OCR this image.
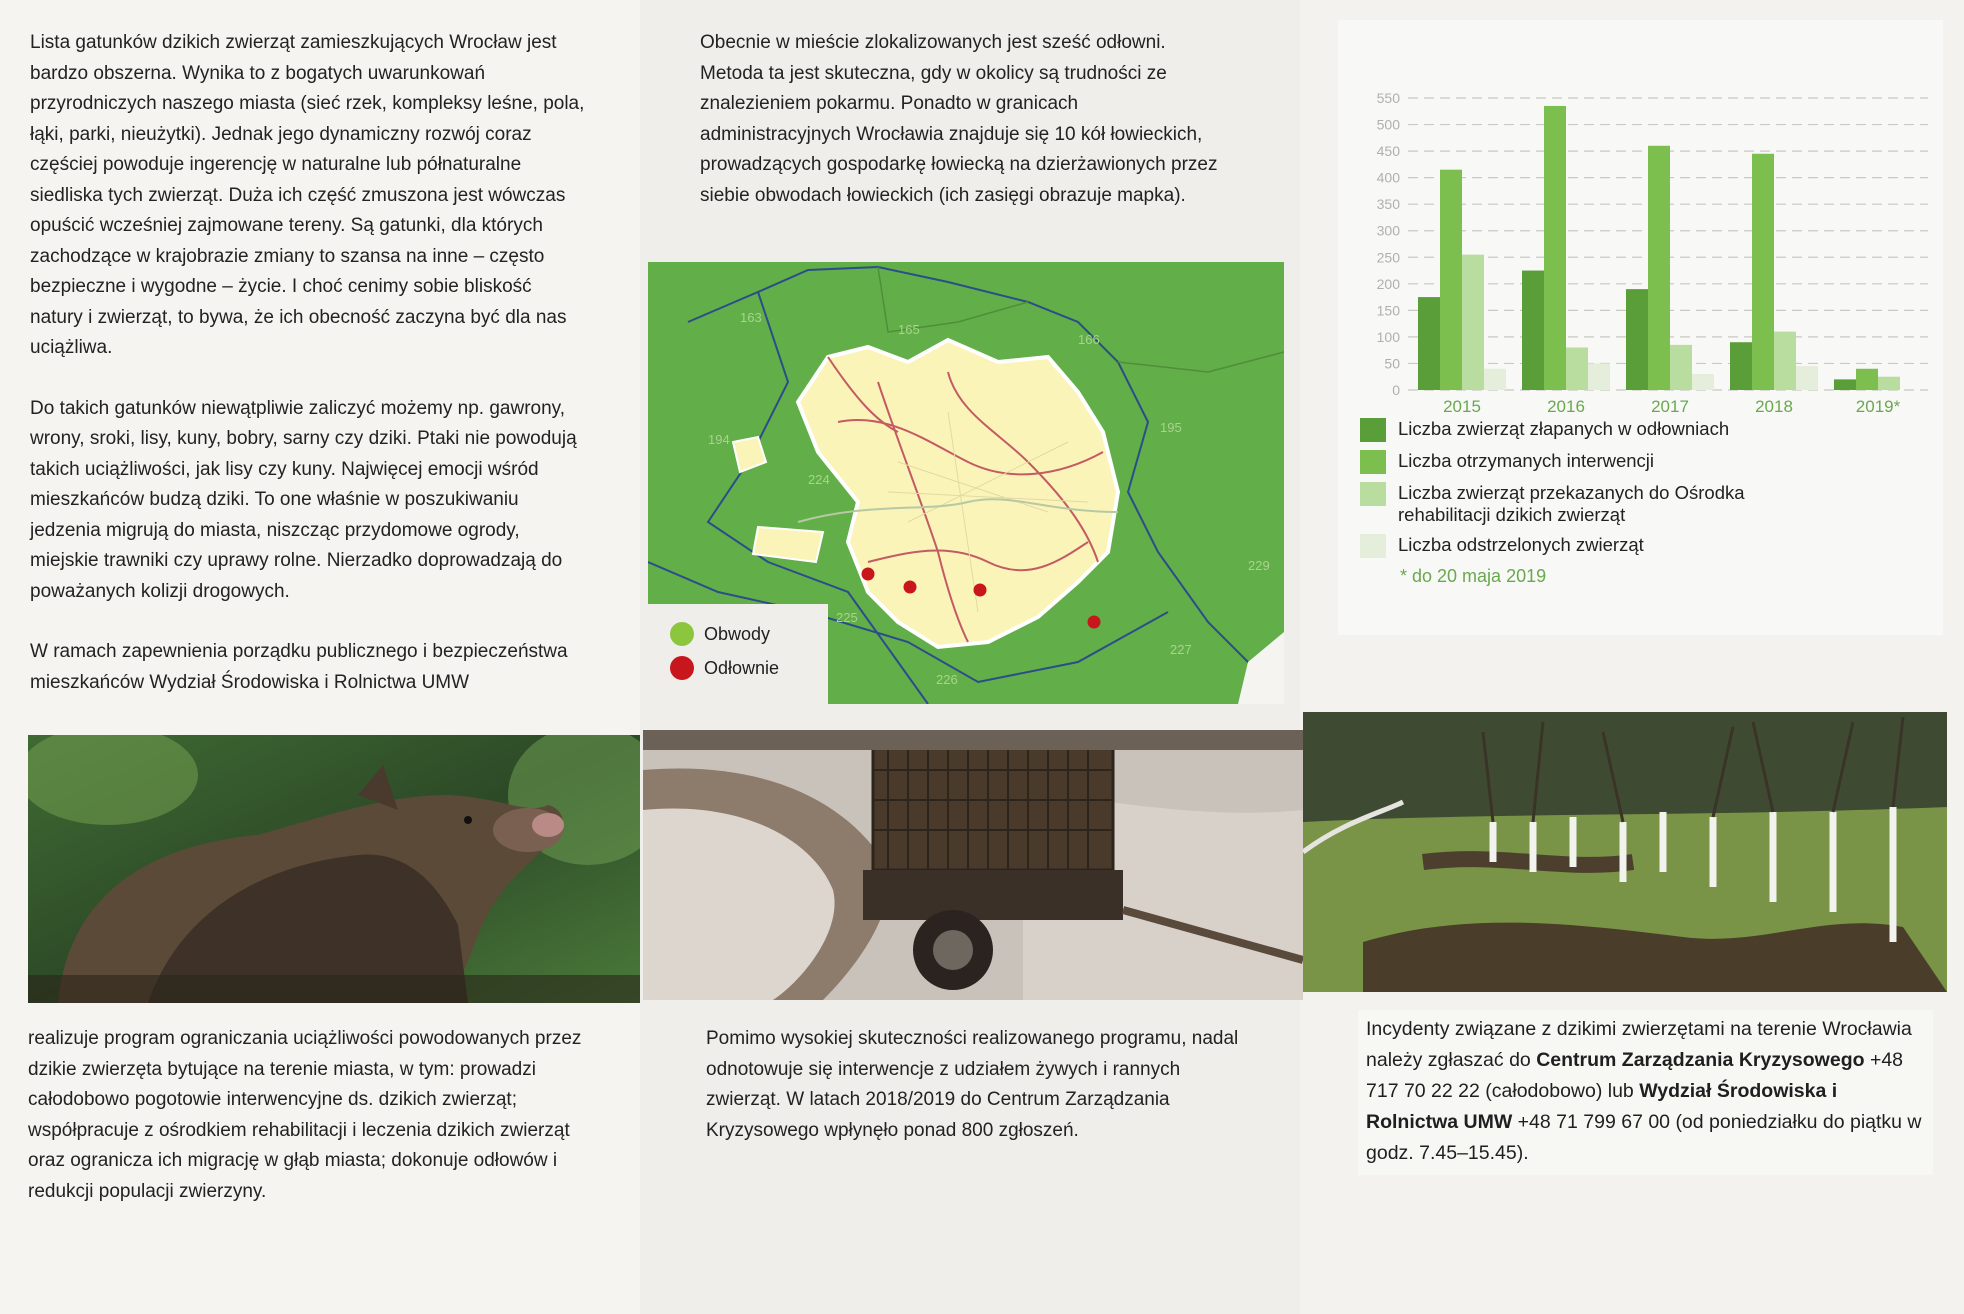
Lista gatunków dzikich zwierząt zamieszkujących Wrocław jest bardzo obszerna. Wynika to z bogatych uwarunkowań przyrodniczych naszego miasta (sieć rzek, kompleksy leśne, pola, łąki, parki, nieużytki). Jednak jego dynamiczny rozwój coraz częściej powoduje ingerencję w naturalne lub półnaturalne siedliska tych zwierząt. Duża ich część zmuszona jest wówczas opuścić wcześniej zajmowane tereny. Są gatunki, dla których zachodzące w krajobrazie zmiany to szansa na inne – często bezpieczne i wygodne – życie. I choć cenimy sobie bliskość natury i zwierząt, to bywa, że ich obecność zaczyna być dla nas uciążliwa.

Do takich gatunków niewątpliwie zaliczyć możemy np. gawrony, wrony, sroki, lisy, kuny, bobry, sarny czy dziki. Ptaki nie powodują takich uciążliwości, jak lisy czy kuny. Najwięcej emocji wśród mieszkańców budzą dziki. To one właśnie w poszukiwaniu jedzenia migrują do miasta, niszcząc przydomowe ogrody, miejskie trawniki czy uprawy rolne. Nierzadko doprowadzają do poważanych kolizji drogowych.

W ramach zapewnienia porządku publicznego i bezpieczeństwa mieszkańców Wydział Środowiska i Rolnictwa UMW

Obecnie w mieście zlokalizowanych jest sześć odłowni. Metoda ta jest skuteczna, gdy w okolicy są trudności ze znalezieniem pokarmu. Ponadto w granicach administracyjnych Wrocławia znajduje się 10 kół łowieckich, prowadzących gospodarkę łowiecką na dzierżawionych przez siebie obwodach łowieckich (ich zasięgi obrazuje mapka).

163
165
166
194
224
195
229
225
226
227
Obwody
Odłownie
0
50
100
150
200
250
300
350
400
450
500
550
2015	2016	2017	2018	2019*
Liczba zwierząt złapanych w odłowniach
Liczba otrzymanych interwencji
Liczba zwierząt przekazanych do Ośrodka rehabilitacji dzikich zwierząt
Liczba odstrzelonych zwierząt
* do 20 maja 2019

realizuje program ograniczania uciążliwości powodowanych przez dzikie zwierzęta bytujące na terenie miasta, w tym: prowadzi całodobowo pogotowie interwencyjne ds. dzikich zwierząt; współpracuje z ośrodkiem rehabilitacji i leczenia dzikich zwierząt oraz ogranicza ich migrację w głąb miasta; dokonuje odłowów i redukcji populacji zwierzyny.

Pomimo wysokiej skuteczności realizowanego programu, nadal odnotowuje się interwencje z udziałem żywych i rannych zwierząt. W latach 2018/2019 do Centrum Zarządzania Kryzysowego wpłynęło ponad 800 zgłoszeń.

Incydenty związane z dzikimi zwierzętami na terenie Wrocławia należy zgłaszać do Centrum Zarządzania Kryzysowego +48 717 70 22 22 (całodobowo) lub Wydział Środowiska i Rolnictwa UMW +48 71 799 67 00 (od poniedziałku do piątku w godz. 7.45–15.45).
